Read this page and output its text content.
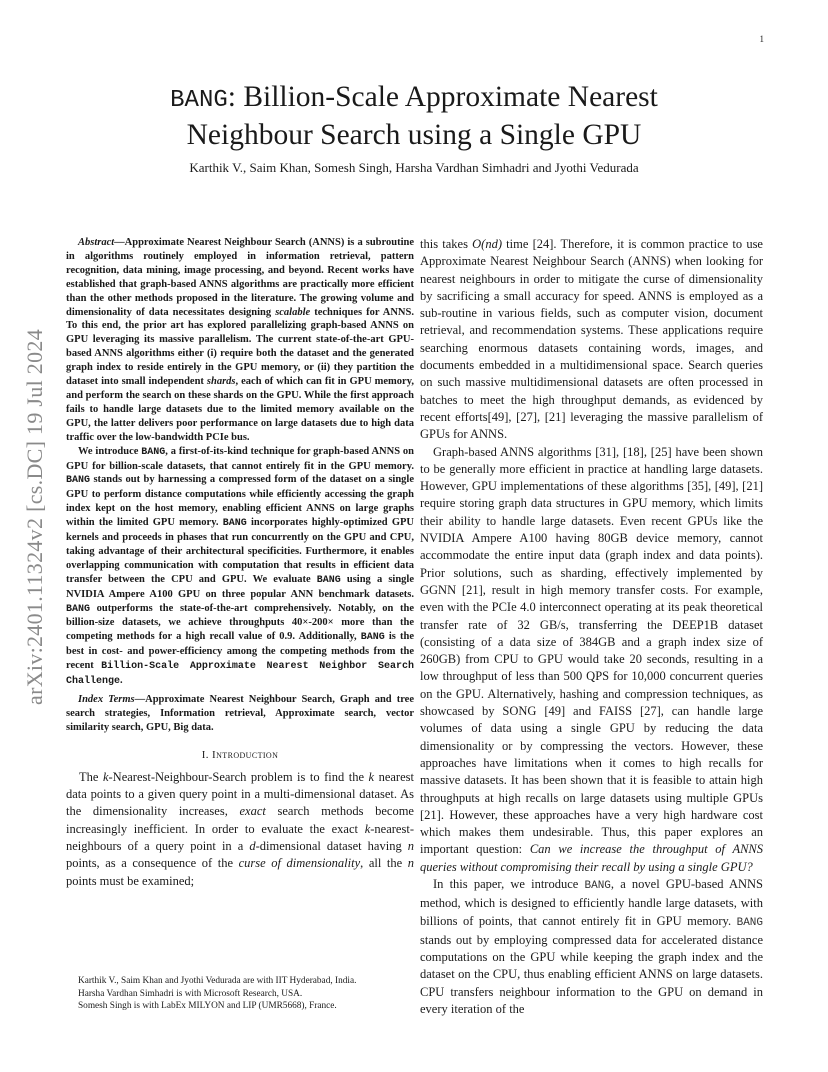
1
arXiv:2401.11324v2 [cs.DC] 19 Jul 2024
BANG: Billion-Scale Approximate Nearest
Neighbour Search using a Single GPU

Karthik V., Saim Khan, Somesh Singh, Harsha Vardhan Simhadri and Jyothi Vedurada

Abstract—Approximate Nearest Neighbour Search (ANNS) is a subroutine in algorithms routinely employed in information retrieval, pattern recognition, data mining, image processing, and beyond. Recent works have established that graph-based ANNS algorithms are practically more efficient than the other methods proposed in the literature. The growing volume and dimensionality of data necessitates designing scalable techniques for ANNS. To this end, the prior art has explored parallelizing graph-based ANNS on GPU leveraging its massive parallelism. The current state-of-the-art GPU-based ANNS algorithms either (i) require both the dataset and the generated graph index to reside entirely in the GPU memory, or (ii) they partition the dataset into small independent shards, each of which can fit in GPU memory, and perform the search on these shards on the GPU. While the first approach fails to handle large datasets due to the limited memory available on the GPU, the latter delivers poor performance on large datasets due to high data traffic over the low-bandwidth PCIe bus.

We introduce BANG, a first-of-its-kind technique for graph-based ANNS on GPU for billion-scale datasets, that cannot entirely fit in the GPU memory. BANG stands out by harnessing a compressed form of the dataset on a single GPU to perform distance computations while efficiently accessing the graph index kept on the host memory, enabling efficient ANNS on large graphs within the limited GPU memory. BANG incorporates highly-optimized GPU kernels and proceeds in phases that run concurrently on the GPU and CPU, taking advantage of their architectural specificities. Furthermore, it enables overlapping communication with computation that results in efficient data transfer between the CPU and GPU. We evaluate BANG using a single NVIDIA Ampere A100 GPU on three popular ANN benchmark datasets. BANG outperforms the state-of-the-art comprehensively. Notably, on the billion-size datasets, we achieve throughputs 40×-200× more than the competing methods for a high recall value of 0.9. Additionally, BANG is the best in cost- and power-efficiency among the competing methods from the recent Billion-Scale Approximate Nearest Neighbor Search Challenge.

Index Terms—Approximate Nearest Neighbour Search, Graph and tree search strategies, Information retrieval, Approximate search, vector similarity search, GPU, Big data.

I. Introduction

The k-Nearest-Neighbour-Search problem is to find the k nearest data points to a given query point in a multi-dimensional dataset. As the dimensionality increases, exact search methods become increasingly inefficient. In order to evaluate the exact k-nearest-neighbours of a query point in a d-dimensional dataset having n points, as a consequence of the curse of dimensionality, all the n points must be examined;

Karthik V., Saim Khan and Jyothi Vedurada are with IIT Hyderabad, India.

Harsha Vardhan Simhadri is with Microsoft Research, USA.

Somesh Singh is with LabEx MILYON and LIP (UMR5668), France.

this takes O(nd) time [24]. Therefore, it is common practice to use Approximate Nearest Neighbour Search (ANNS) when looking for nearest neighbours in order to mitigate the curse of dimensionality by sacrificing a small accuracy for speed. ANNS is employed as a sub-routine in various fields, such as computer vision, document retrieval, and recommendation systems. These applications require searching enormous datasets containing words, images, and documents embedded in a multidimensional space. Search queries on such massive multidimensional datasets are often processed in batches to meet the high throughput demands, as evidenced by recent efforts[49], [27], [21] leveraging the massive parallelism of GPUs for ANNS.

Graph-based ANNS algorithms [31], [18], [25] have been shown to be generally more efficient in practice at handling large datasets. However, GPU implementations of these algorithms [35], [49], [21] require storing graph data structures in GPU memory, which limits their ability to handle large datasets. Even recent GPUs like the NVIDIA Ampere A100 having 80GB device memory, cannot accommodate the entire input data (graph index and data points). Prior solutions, such as sharding, effectively implemented by GGNN [21], result in high memory transfer costs. For example, even with the PCIe 4.0 interconnect operating at its peak theoretical transfer rate of 32 GB/s, transferring the DEEP1B dataset (consisting of a data size of 384GB and a graph index size of 260GB) from CPU to GPU would take 20 seconds, resulting in a low throughput of less than 500 QPS for 10,000 concurrent queries on the GPU. Alternatively, hashing and compression techniques, as showcased by SONG [49] and FAISS [27], can handle large volumes of data using a single GPU by reducing the data dimensionality or by compressing the vectors. However, these approaches have limitations when it comes to high recalls for massive datasets. It has been shown that it is feasible to attain high throughputs at high recalls on large datasets using multiple GPUs [21]. However, these approaches have a very high hardware cost which makes them undesirable. Thus, this paper explores an important question: Can we increase the throughput of ANNS queries without compromising their recall by using a single GPU?

In this paper, we introduce BANG, a novel GPU-based ANNS method, which is designed to efficiently handle large datasets, with billions of points, that cannot entirely fit in GPU memory. BANG stands out by employing compressed data for accelerated distance computations on the GPU while keeping the graph index and the dataset on the CPU, thus enabling efficient ANNS on large datasets. CPU transfers neighbour information to the GPU on demand in every iteration of the
